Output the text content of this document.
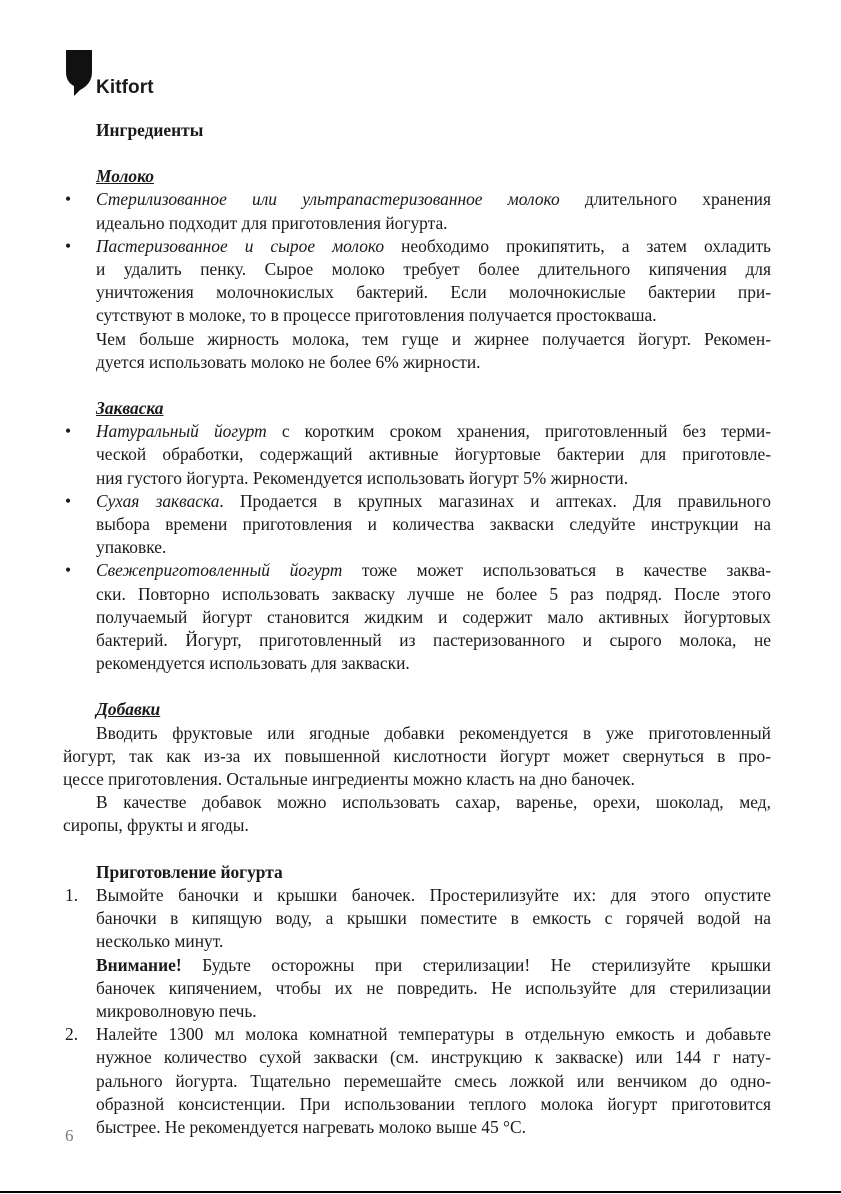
Kitfort
Ингредиенты
Молоко
• Стерилизованное или ультрапастеризованное молоко длительного хранения
идеально подходит для приготовления йогурта.
• Пастеризованное и сырое молоко необходимо прокипятить, а затем охладить
и удалить пенку. Сырое молоко требует более длительного кипячения для
уничтожения молочнокислых бактерий. Если молочнокислые бактерии при-
сутствуют в молоке, то в процессе приготовления получается простокваша.
Чем больше жирность молока, тем гуще и жирнее получается йогурт. Рекомен-
дуется использовать молоко не более 6% жирности.
Закваска
• Натуральный йогурт с коротким сроком хранения, приготовленный без терми-
ческой обработки, содержащий активные йогуртовые бактерии для приготовле-
ния густого йогурта. Рекомендуется использовать йогурт 5% жирности.
• Сухая закваска. Продается в крупных магазинах и аптеках. Для правильного
выбора времени приготовления и количества закваски следуйте инструкции на
упаковке.
• Свежеприготовленный йогурт тоже может использоваться в качестве заква-
ски. Повторно использовать закваску лучше не более 5 раз подряд. После этого
получаемый йогурт становится жидким и содержит мало активных йогуртовых
бактерий. Йогурт, приготовленный из пастеризованного и сырого молока, не
рекомендуется использовать для закваски.
Добавки
Вводить фруктовые или ягодные добавки рекомендуется в уже приготовленный
йогурт, так как из-за их повышенной кислотности йогурт может свернуться в про-
цессе приготовления. Остальные ингредиенты можно класть на дно баночек.
В качестве добавок можно использовать сахар, варенье, орехи, шоколад, мед,
сиропы, фрукты и ягоды.
Приготовление йогурта
1. Вымойте баночки и крышки баночек. Простерилизуйте их: для этого опустите
баночки в кипящую воду, а крышки поместите в емкость с горячей водой на
несколько минут.
Внимание! Будьте осторожны при стерилизации! Не стерилизуйте крышки
баночек кипячением, чтобы их не повредить. Не используйте для стерилизации
микроволновую печь.
2. Налейте 1300 мл молока комнатной температуры в отдельную емкость и добавьте
нужное количество сухой закваски (см. инструкцию к закваске) или 144 г нату-
рального йогурта. Тщательно перемешайте смесь ложкой или венчиком до одно-
образной консистенции. При использовании теплого молока йогурт приготовится
быстрее. Не рекомендуется нагревать молоко выше 45 °С.
6
